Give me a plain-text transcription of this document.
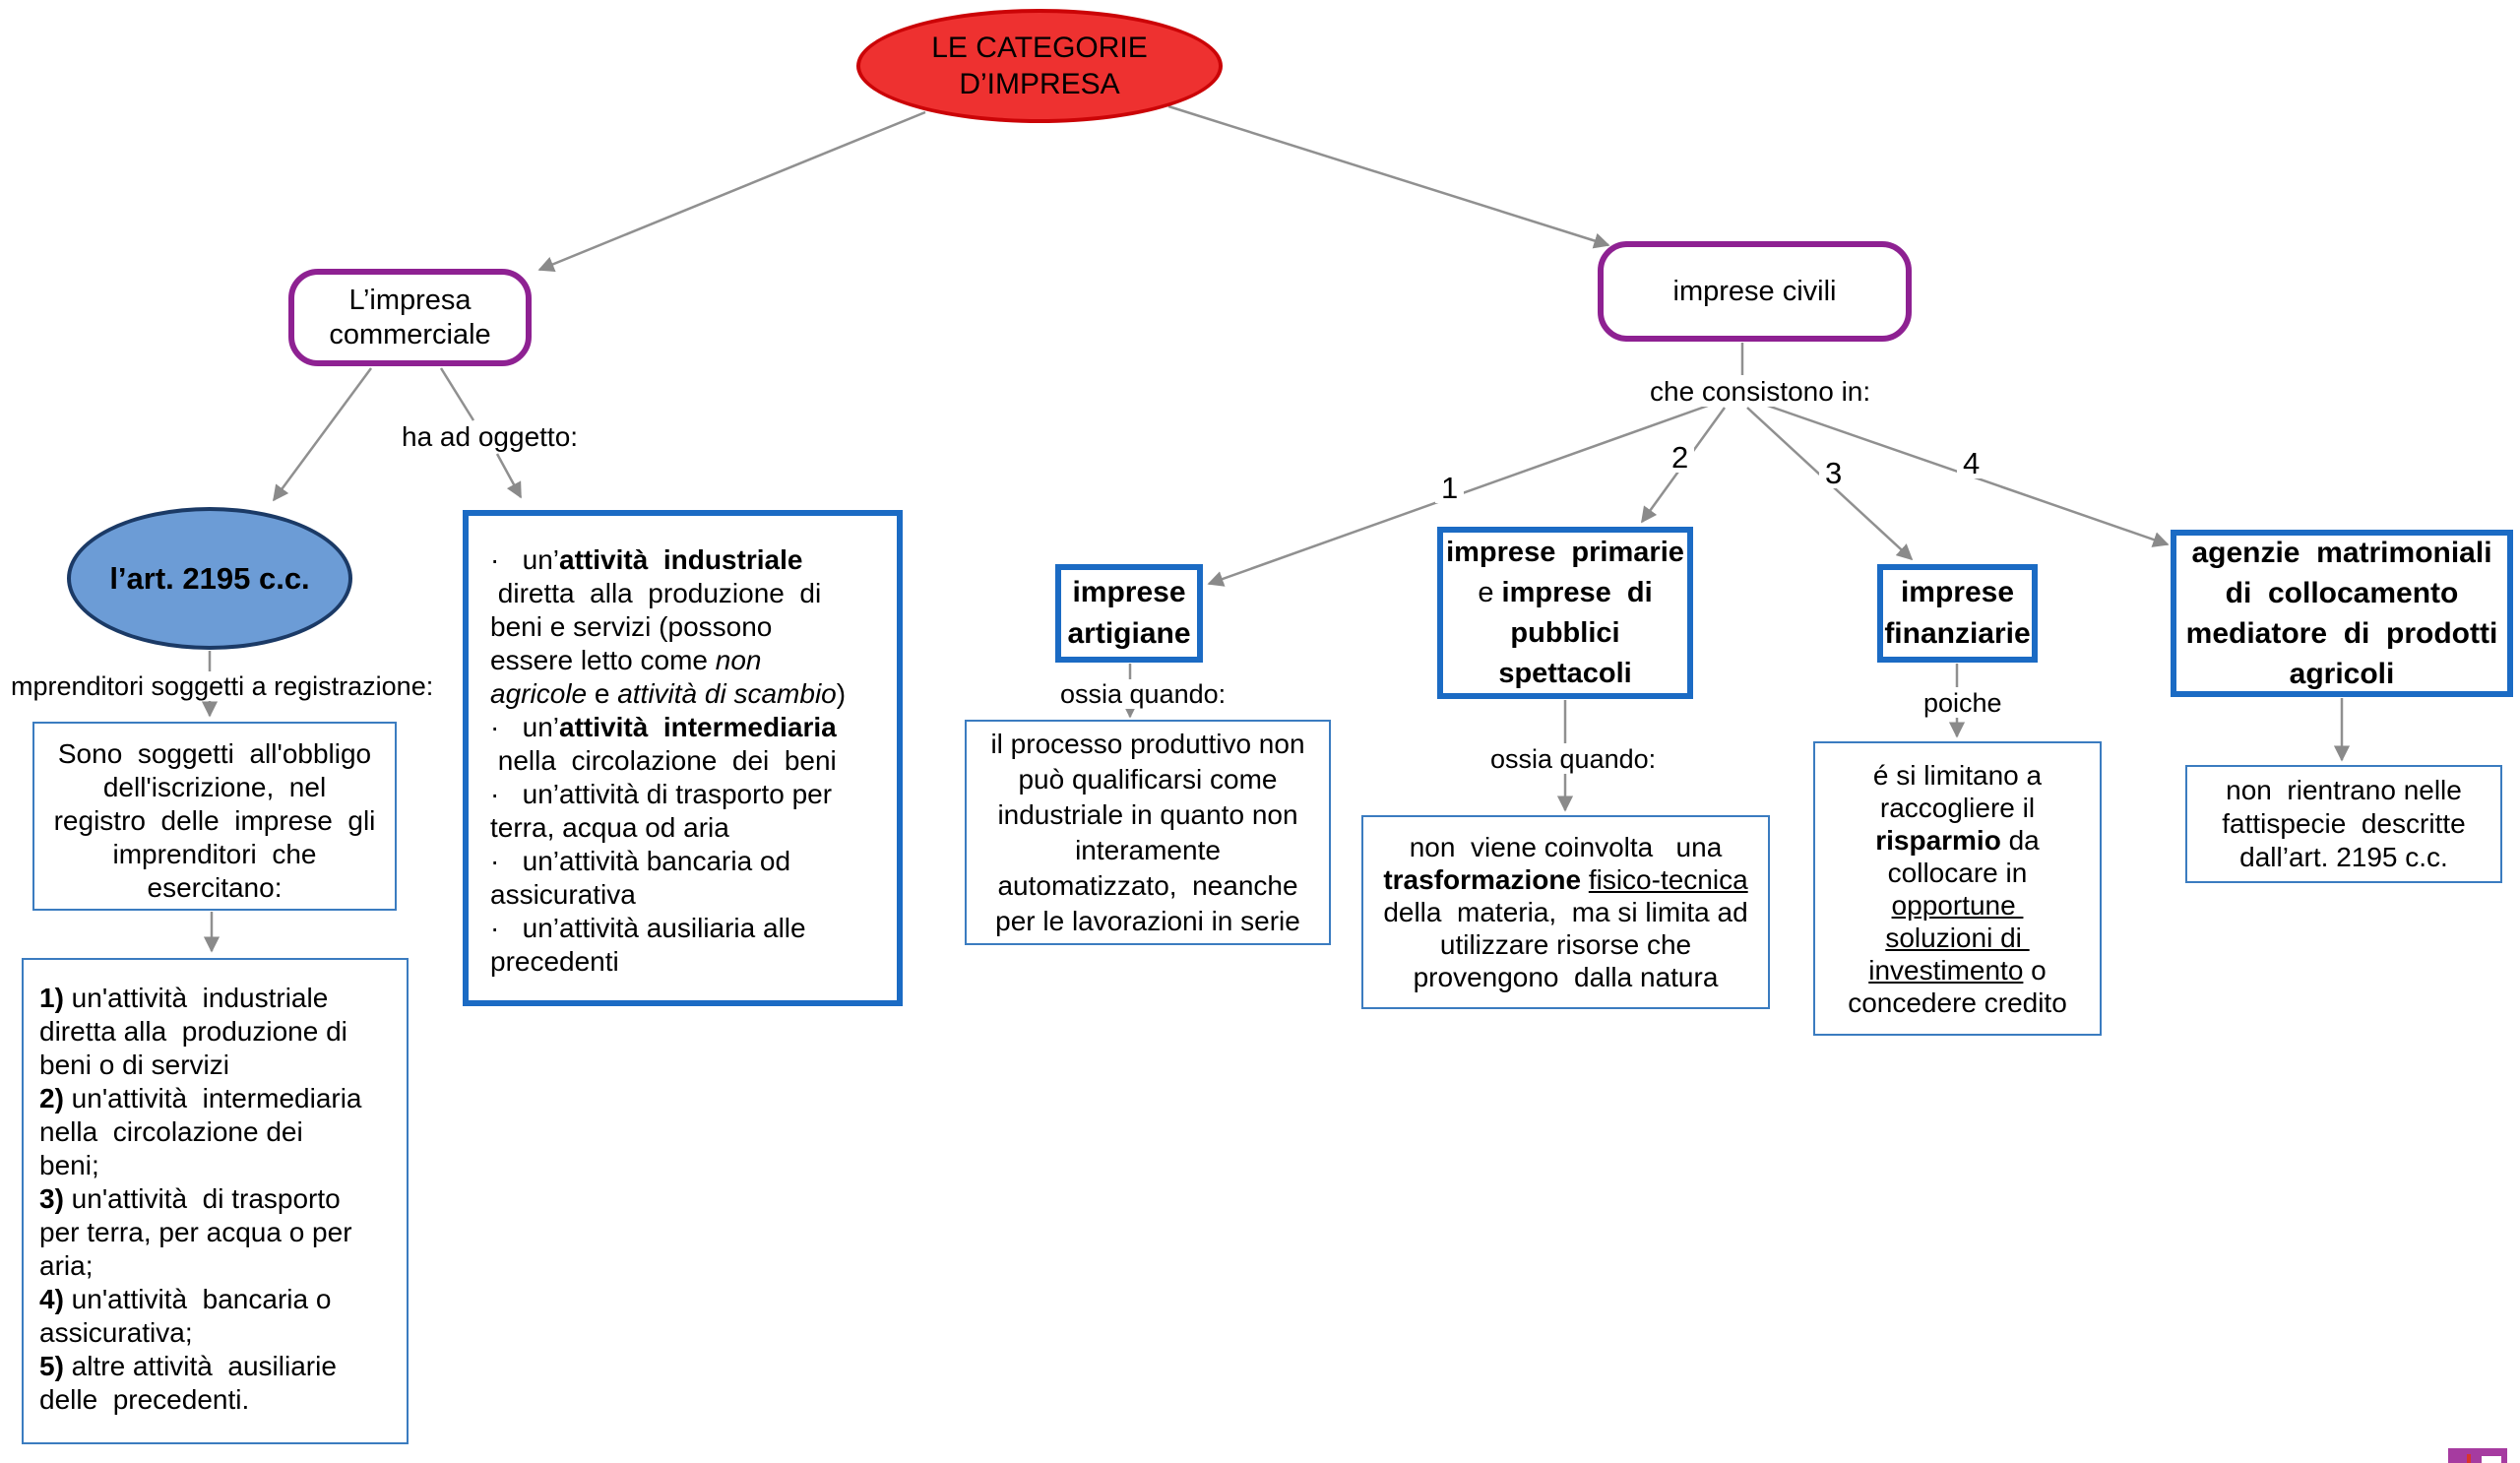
LE CATEGORIE
D’IMPRESA
L’impresa
commerciale
imprese civili
l’art. 2195 c.c.
Sono  soggetti  all'obbligo
dell'iscrizione,  nel
registro  delle  imprese  gli
imprenditori  che
esercitano:
1) un'attività  industriale
diretta alla  produzione di
beni o di servizi
2) un'attività  intermediaria
nella  circolazione dei
beni;
3) un'attività  di trasporto
per terra, per acqua o per
aria;
4) un'attività  bancaria o
assicurativa;
5) altre attività  ausiliarie
delle  precedenti.
·   un’attività  industriale
diretta  alla  produzione  di
beni e servizi (possono
essere letto come non
agricole e attività di scambio)
·   un’attività  intermediaria
nella  circolazione  dei  beni
·   un’attività di trasporto per
terra, acqua od aria
·   un’attività bancaria od
assicurativa
·   un’attività ausiliaria alle
precedenti
imprese
artigiane
il processo produttivo non
può qualificarsi come
industriale in quanto non
interamente
automatizzato,  neanche
per le lavorazioni in serie
imprese  primarie
e imprese  di
pubblici
spettacoli
non  viene coinvolta   una
trasformazione fisico-tecnica
della  materia,  ma si limita ad
utilizzare risorse che
provengono  dalla natura
imprese
finanziarie
é si limitano a
raccogliere il
risparmio da
collocare in
opportune
soluzioni di
investimento o
concedere credito
agenzie  matrimoniali
di  collocamento
mediatore  di  prodotti
agricoli
non  rientrano nelle
fattispecie  descritte
dall’art. 2195 c.c.
ha ad oggetto:
mprenditori soggetti a registrazione:
che consistono in:
ossia quando:
ossia quando:
poiche
1
2	3	4
